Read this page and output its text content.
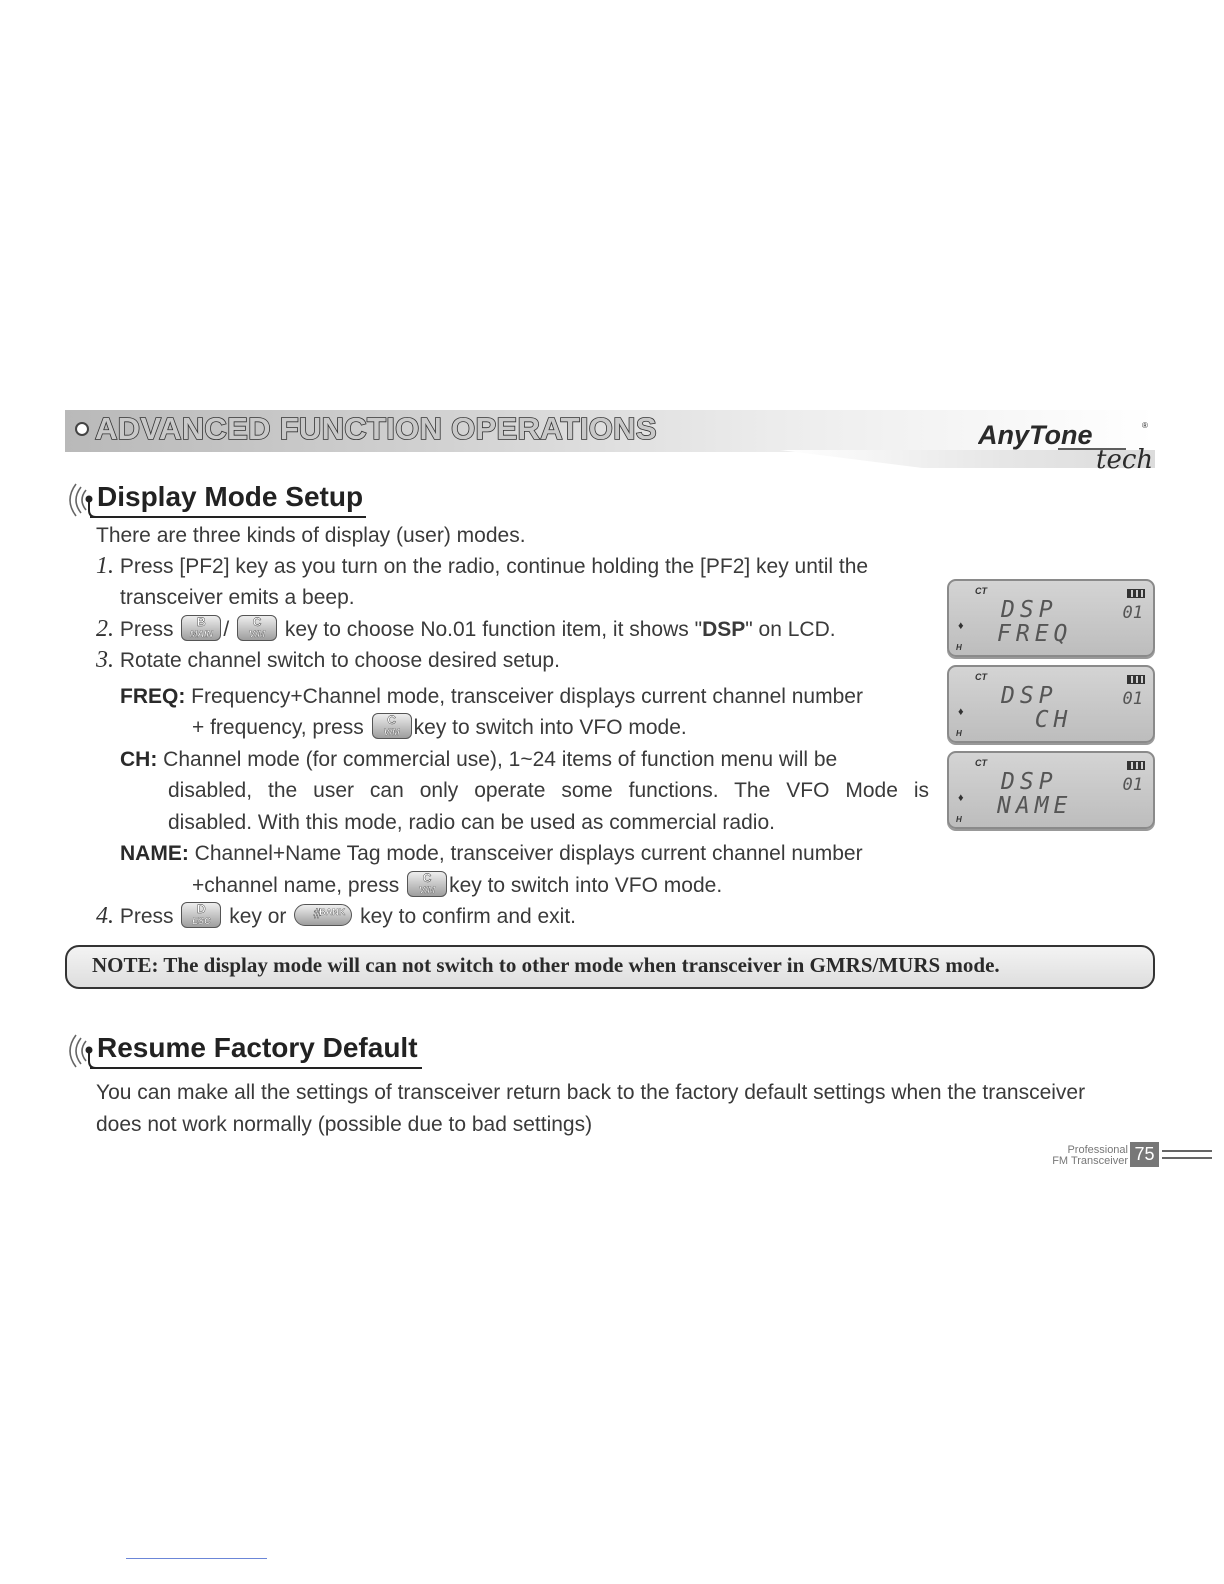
ADVANCED FUNCTION OPERATIONS	AnyTone	®
tech
Display Mode Setup
There are three kinds of display (user) modes.
1. Press [PF2] key as you turn on the radio, continue holding the [PF2] key until the
transceiver emits a beep.
2. Press	B
MAIN /	C
V/M key to choose No.01 function item, it shows "DSP" on LCD.
3. Rotate channel switch to choose desired setup.
FREQ: Frequency+Channel mode, transceiver displays current channel number
+ frequency, press	C
V/M key to switch into VFO mode.
CH: Channel mode (for commercial use), 1~24 items of function menu will be
disabled, the user can only operate some functions. The VFO Mode is
disabled. With this mode, radio can be used as commercial radio.
NAME: Channel+Name Tag mode, transceiver displays current channel number
+channel name, press	C
V/M key to switch into VFO mode.
4. Press	D
ESC key or	#
BANK key to confirm and exit.
CT
DSP
♦ FREQ
01
H
CT
DSP
♦ CH
01
H
CT
DSP
♦ NAME
01
H
NOTE: The display mode will can not switch to other mode when transceiver in GMRS/MURS mode.
Resume Factory Default
You can make all the settings of transceiver return back to the factory default settings when the transceiver
does not work normally (possible due to bad settings)
Professional
FM Transceiver 75
